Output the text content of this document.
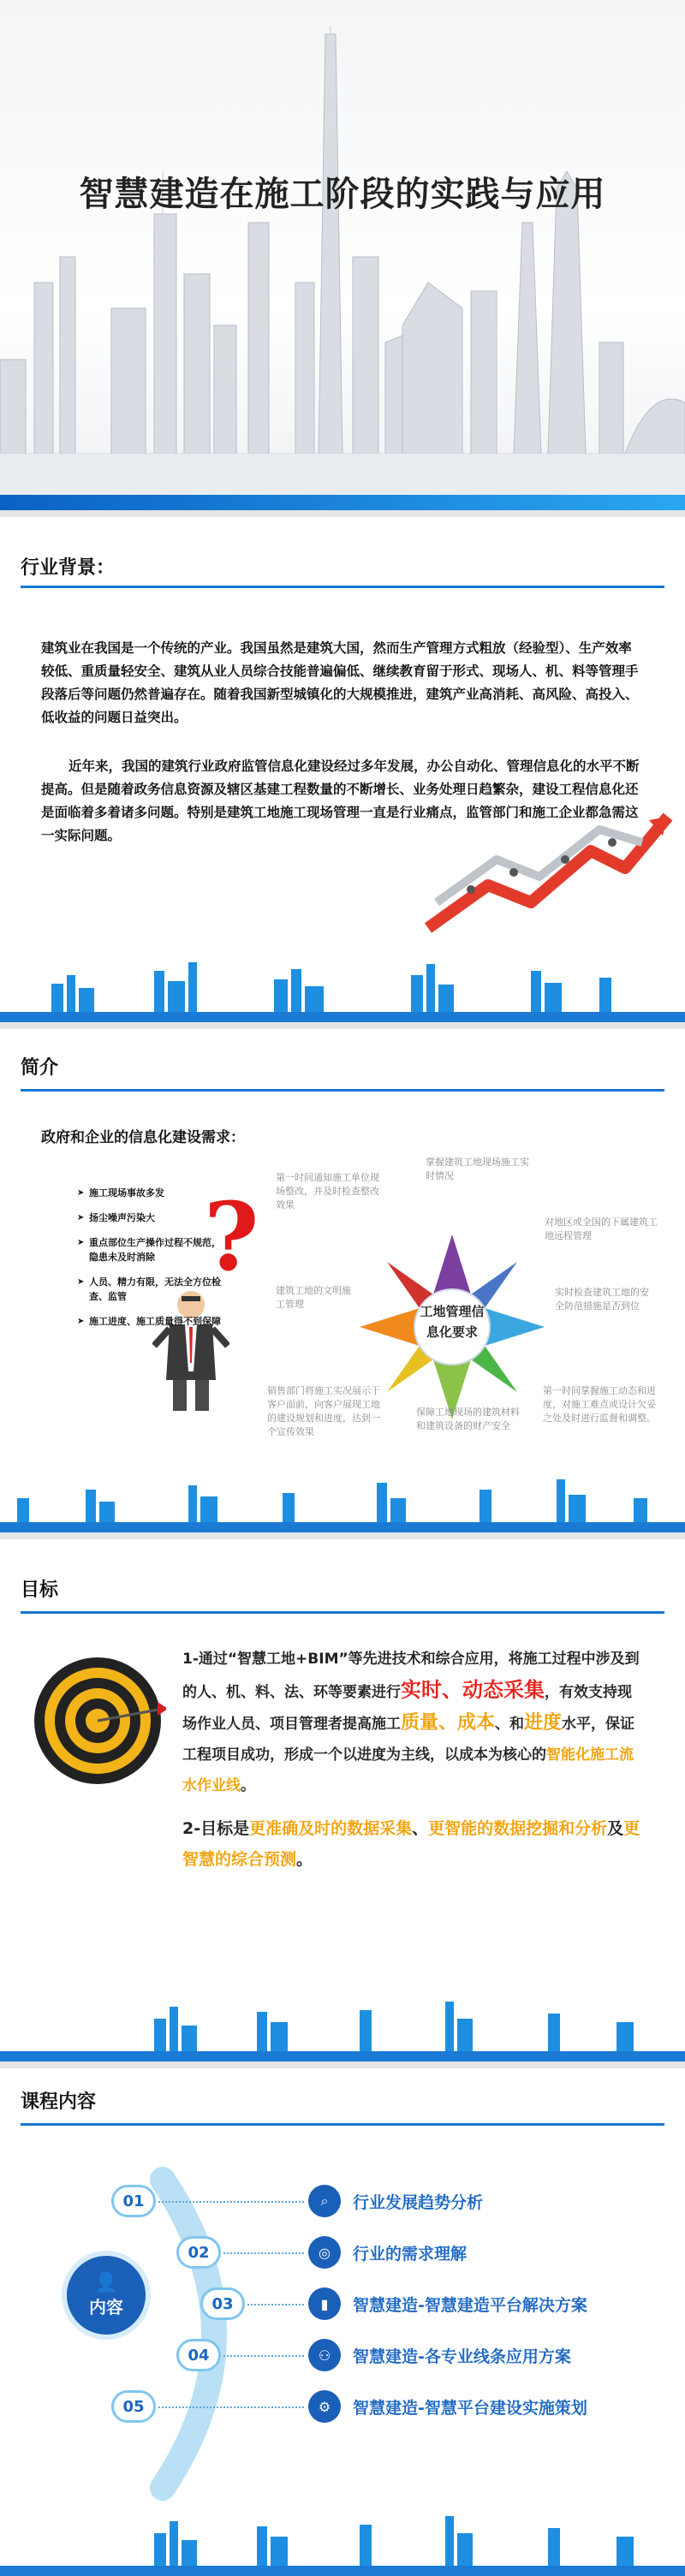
智慧建造在施工阶段的实践与应用
行业背景：
建筑业在我国是一个传统的产业。我国虽然是建筑大国，然而生产管理方式粗放（经验型）、生产效率较低、重质量轻安全、建筑从业人员综合技能普遍偏低、继续教育留于形式、现场人、机、料等管理手段落后等问题仍然普遍存在。随着我国新型城镇化的大规模推进，建筑产业高消耗、高风险、高投入、低收益的问题日益突出。
近年来，我国的建筑行业政府监管信息化建设经过多年发展，办公自动化、管理信息化的水平不断提高。但是随着政务信息资源及辖区基建工程数量的不断增长、业务处理日趋繁杂，建设工程信息化还是面临着多着诸多问题。特别是建筑工地施工现场管理一直是行业痛点，监管部门和施工企业都急需这一实际问题。
简介
政府和企业的信息化建设需求：
?
工地管理信息化要求
➤ 施工现场事故多发
➤ 扬尘噪声污染大
➤ 重点部位生产操作过程不规范，隐患未及时消除
➤ 人员、精力有限，无法全方位检查、监管
➤ 施工进度、施工质量得不到保障
第一时间通知施工单位现场整改，并及时检查整改效果
掌握建筑工地现场施工实时情况
对地区或全国的下属建筑工地远程管理
实时检查建筑工地的安全防范措施是否到位
第一时间掌握施工动态和进度，对施工难点或设计欠妥之处及时进行监督和调整。
保障工地现场的建筑材料和建筑设备的财产安全
销售部门将施工实况展示于客户面前，向客户展现工地的建设规划和进度，达到一个宣传效果
建筑工地的文明施工管理
目标
1-通过“智慧工地+BIM”等先进技术和综合应用，将施工过程中涉及到的人、机、料、法、环等要素进行实时、动态采集，有效支持现场作业人员、项目管理者提高施工质量、成本、和进度水平，保证工程项目成功，形成一个以进度为主线，以成本为核心的智能化施工流水作业线。
2-目标是更准确及时的数据采集、更智能的数据挖掘和分析及更智慧的综合预测。
课程内容
👤
内容
01
02
03
04
05
⌕	行业发展趋势分析
◎	行业的需求理解
▮	智慧建造-智慧建造平台解决方案
⚇	智慧建造-各专业线条应用方案
⚙	智慧建造-智慧平台建设实施策划
